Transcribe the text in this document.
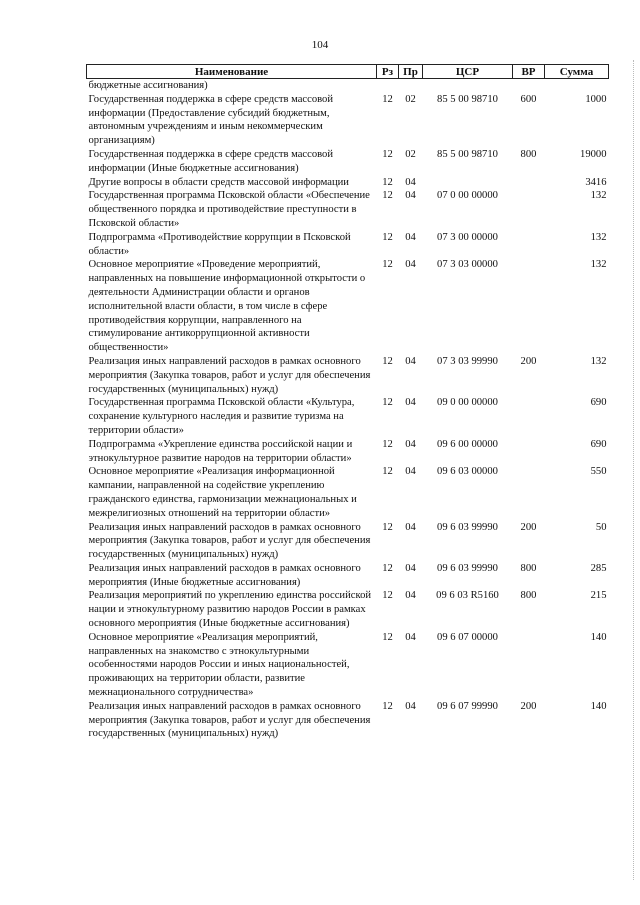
104
Наименование	Рз	Пр	ЦСР	ВР	Сумма
бюджетные ассигнования)					
Государственная поддержка в сфере средств массовой информации (Предоставление субсидий бюджетным, автономным учреждениям и иным некоммерческим организациям)	12	02	85 5 00 98710	600	1000
Государственная поддержка в сфере средств массовой информации (Иные бюджетные ассигнования)	12	02	85 5 00 98710	800	19000
Другие вопросы в области средств массовой информации	12	04			3416
Государственная программа Псковской области «Обеспечение общественного порядка и противодействие преступности в Псковской области»	12	04	07 0 00 00000		132
Подпрограмма «Противодействие коррупции в Псковской области»	12	04	07 3 00 00000		132
Основное мероприятие «Проведение мероприятий, направленных на повышение информационной открытости о деятельности Администрации области и органов исполнительной власти области, в том числе в сфере противодействия коррупции, направленного на стимулирование антикоррупционной активности общественности»	12	04	07 3 03 00000		132
Реализация иных направлений расходов в рамках основного мероприятия (Закупка товаров, работ и услуг для обеспечения государственных (муниципальных) нужд)	12	04	07 3 03 99990	200	132
Государственная программа Псковской области «Культура, сохранение культурного наследия и развитие туризма на территории области»	12	04	09 0 00 00000		690
Подпрограмма «Укрепление единства российской нации и этнокультурное развитие народов на территории области»	12	04	09 6 00 00000		690
Основное мероприятие «Реализация информационной кампании, направленной на содействие укреплению гражданского единства, гармонизации межнациональных и межрелигиозных отношений на территории области»	12	04	09 6 03 00000		550
Реализация иных направлений расходов в рамках основного мероприятия (Закупка товаров, работ и услуг для обеспечения государственных (муниципальных) нужд)	12	04	09 6 03 99990	200	50
Реализация иных направлений расходов в рамках основного мероприятия (Иные бюджетные ассигнования)	12	04	09 6 03 99990	800	285
Реализация мероприятий по укреплению единства российской нации и этнокультурному развитию народов России в рамках основного мероприятия (Иные бюджетные ассигнования)	12	04	09 6 03 R5160	800	215
Основное мероприятие «Реализация мероприятий, направленных на знакомство с этнокультурными особенностями народов России и иных национальностей, проживающих на территории области, развитие межнационального сотрудничества»	12	04	09 6 07 00000		140
Реализация иных направлений расходов в рамках основного мероприятия (Закупка товаров, работ и услуг для обеспечения государственных (муниципальных) нужд)	12	04	09 6 07 99990	200	140
